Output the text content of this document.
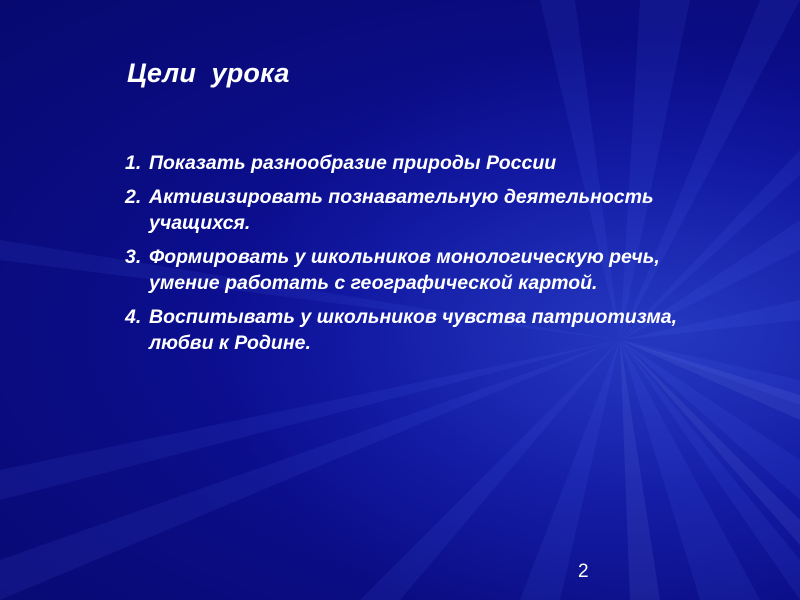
Цели  урока
1. Показать разнообразие природы России
2. Активизировать познавательную деятельность  учащихся.
3. Формировать у школьников монологическую речь, умение работать с географической картой.
4. Воспитывать у школьников чувства патриотизма, любви к Родине.
2
